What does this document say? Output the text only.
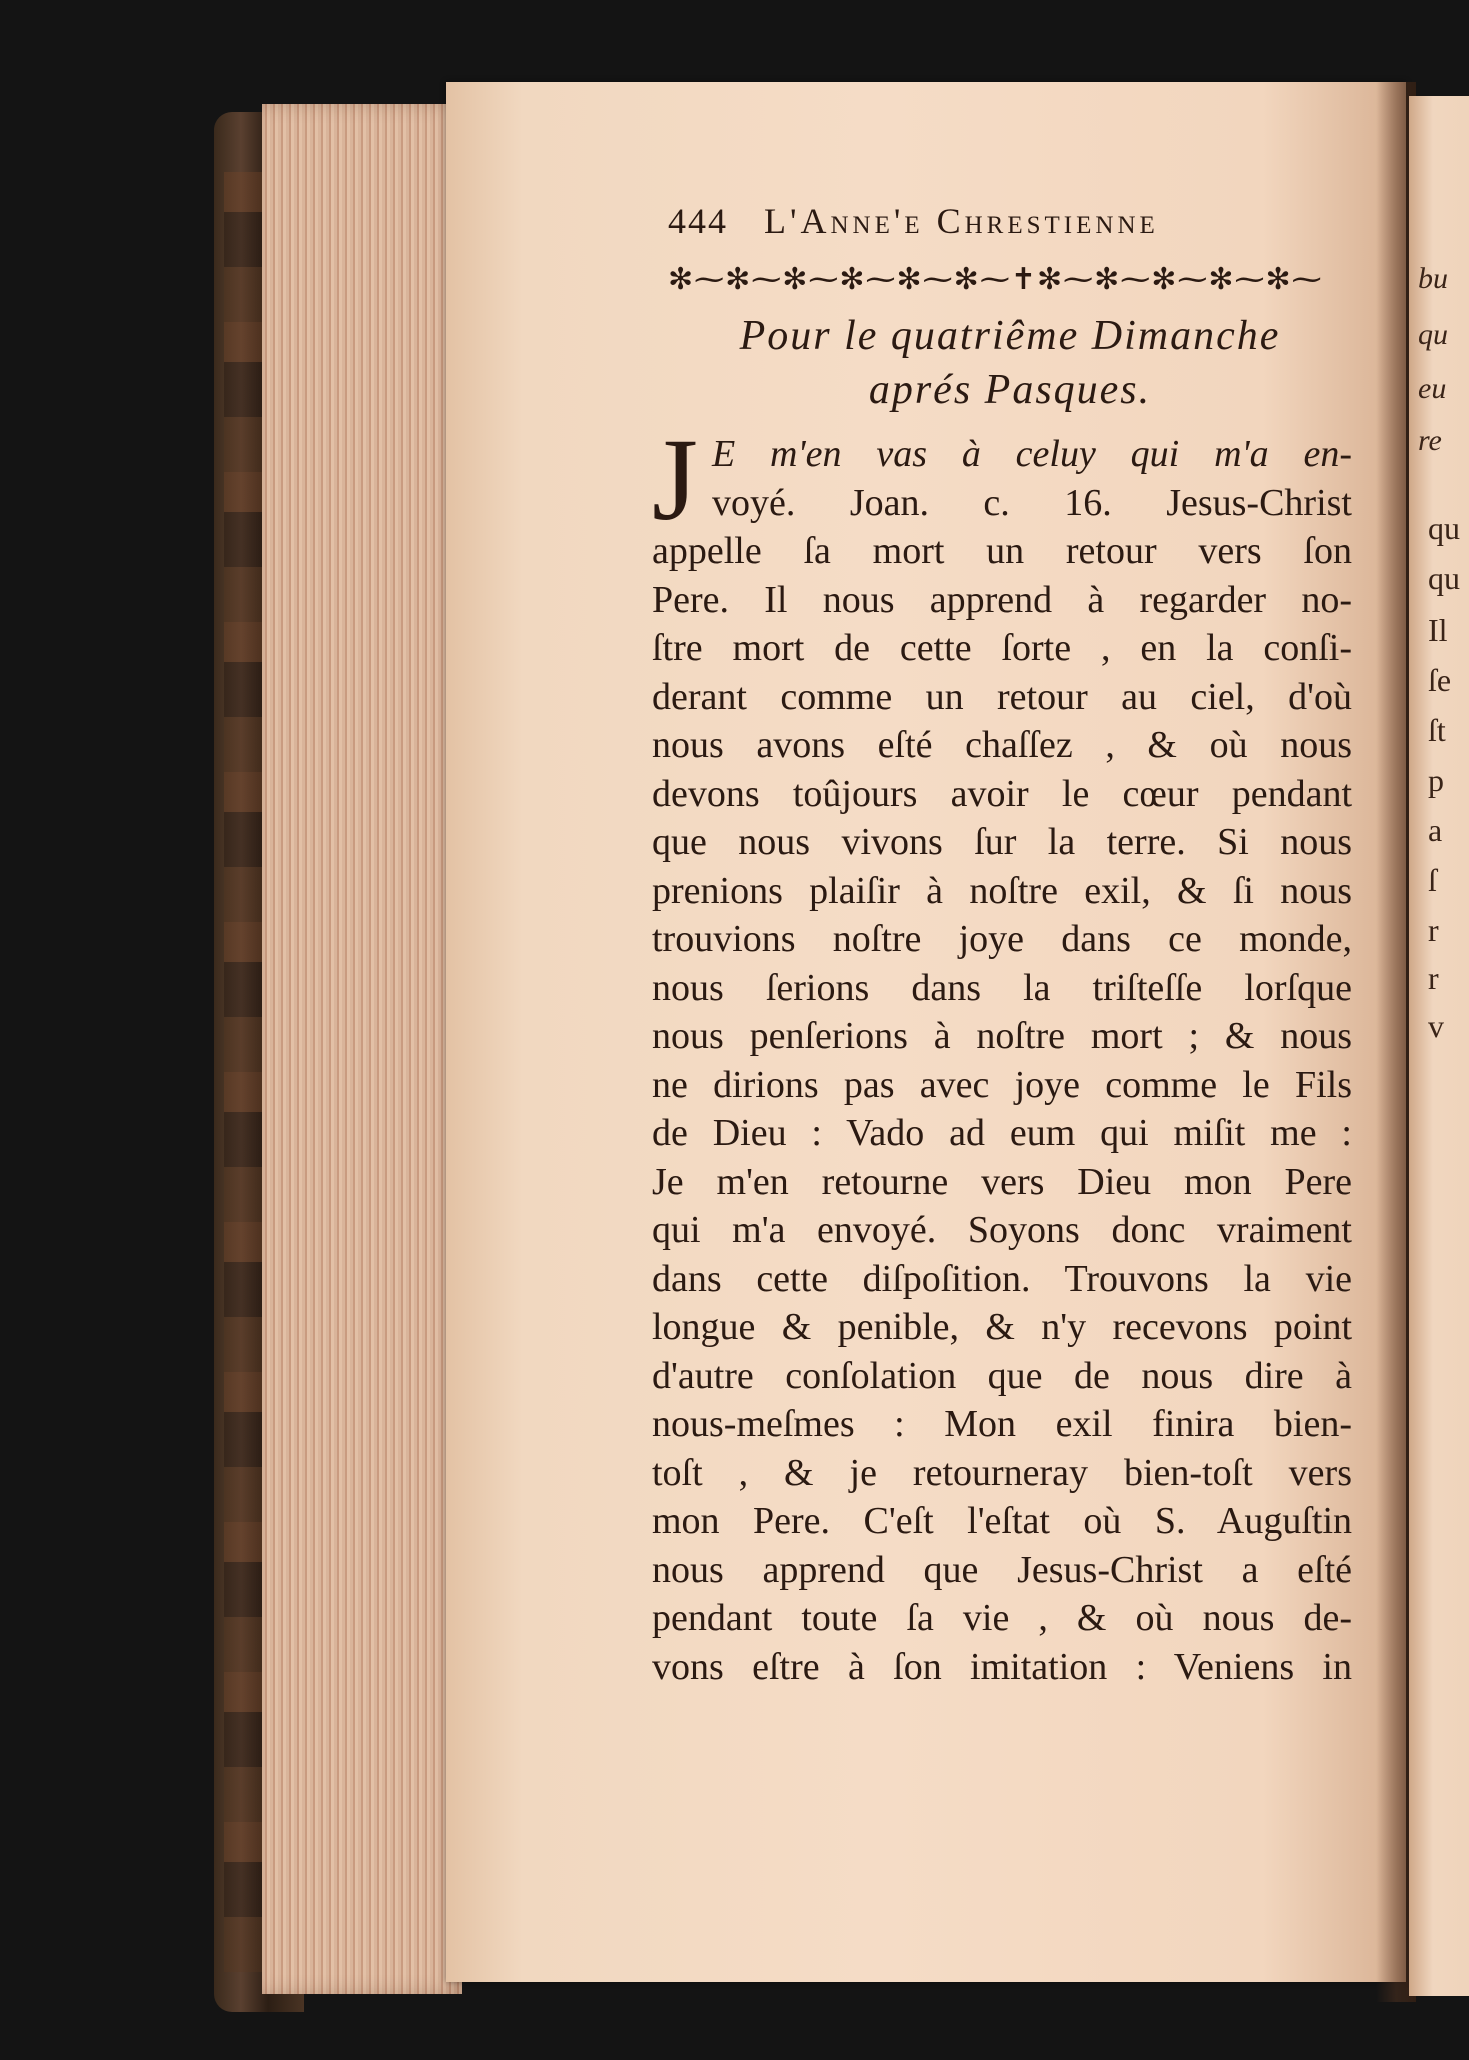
bu
qu
eu
re
qu
qu
Il
ſe
ſt
p
a
ſ
r
r
v
444 L'Anne'e Chrestienne
✻⁓✻⁓✻⁓✻⁓✻⁓✻⁓✝✻⁓✻⁓✻⁓✻⁓✻⁓
Pour le quatriême Dimanche
aprés Pasques.
J E m'en vas à celuy qui m'a en-
voyé. Joan. c. 16. Jesus-Christ
appelle ſa mort un retour vers ſon
Pere. Il nous apprend à regarder no-
ſtre mort de cette ſorte , en la conſi-
derant comme un retour au ciel, d'où
nous avons eſté chaſſez , & où nous
devons toûjours avoir le cœur pendant
que nous vivons ſur la terre. Si nous
prenions plaiſir à noſtre exil, & ſi nous
trouvions noſtre joye dans ce monde,
nous ſerions dans la triſteſſe lorſque
nous penſerions à noſtre mort ; & nous
ne dirions pas avec joye comme le Fils
de Dieu : Vado ad eum qui miſit me :
Je m'en retourne vers Dieu mon Pere
qui m'a envoyé. Soyons donc vraiment
dans cette diſpoſition. Trouvons la vie
longue & penible, & n'y recevons point
d'autre conſolation que de nous dire à
nous-meſmes : Mon exil finira bien-
toſt , & je retourneray bien-toſt vers
mon Pere. C'eſt l'eſtat où S. Auguſtin
nous apprend que Jesus-Christ a eſté
pendant toute ſa vie , & où nous de-
vons eſtre à ſon imitation : Veniens in
